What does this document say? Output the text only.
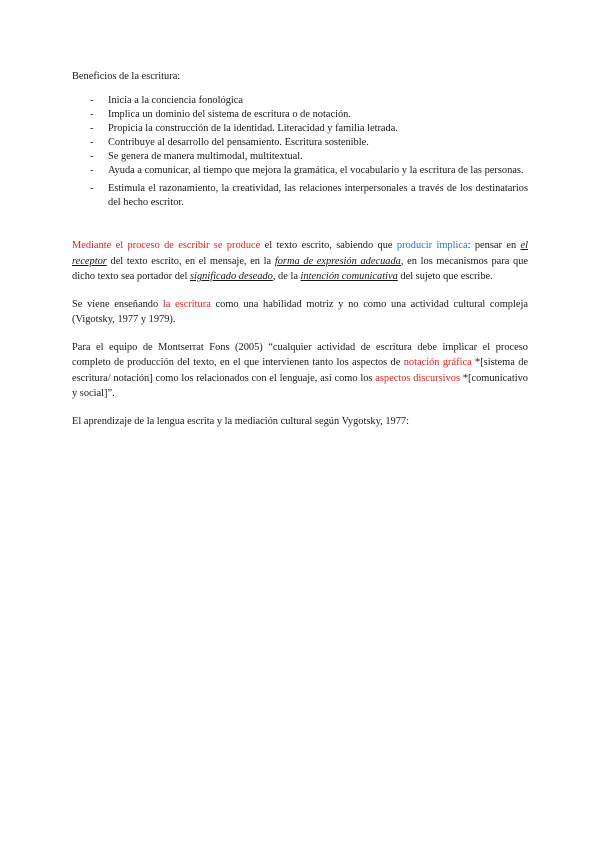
Beneficios de la escritura:

- Inicia a la conciencia fonológica
- Implica un dominio del sistema de escritura o de notación.
- Propicia la construcción de la identidad. Literacidad y familia letrada.
- Contribuye al desarrollo del pensamiento. Escritura sostenible.
- Se genera de manera multimodal, multitextual.
- Ayuda a comunicar, al tiempo que mejora la gramática, el vocabulario y la escritura de las personas.
- Estimula el razonamiento, la creatividad, las relaciones interpersonales a través de los destinatarios del hecho escritor.

Mediante el proceso de escribir se produce el texto escrito, sabiendo que producir implica: pensar en el receptor del texto escrito, en el mensaje, en la forma de expresión adecuada, en los mecanismos para que dicho texto sea portador del significado deseado, de la intención comunicativa del sujeto que escribe.

Se viene enseñando la escritura como una habilidad motriz y no como una actividad cultural compleja (Vigotsky, 1977 y 1979).

Para el equipo de Montserrat Fons (2005) “cualquier actividad de escritura debe implicar el proceso completo de producción del texto, en el que intervienen tanto los aspectos de notación gráfica *[sistema de escritura/ notación] como los relacionados con el lenguaje, así como los aspectos discursivos *[comunicativo y social]”.

El aprendizaje de la lengua escrita y la mediación cultural según Vygotsky, 1977:
